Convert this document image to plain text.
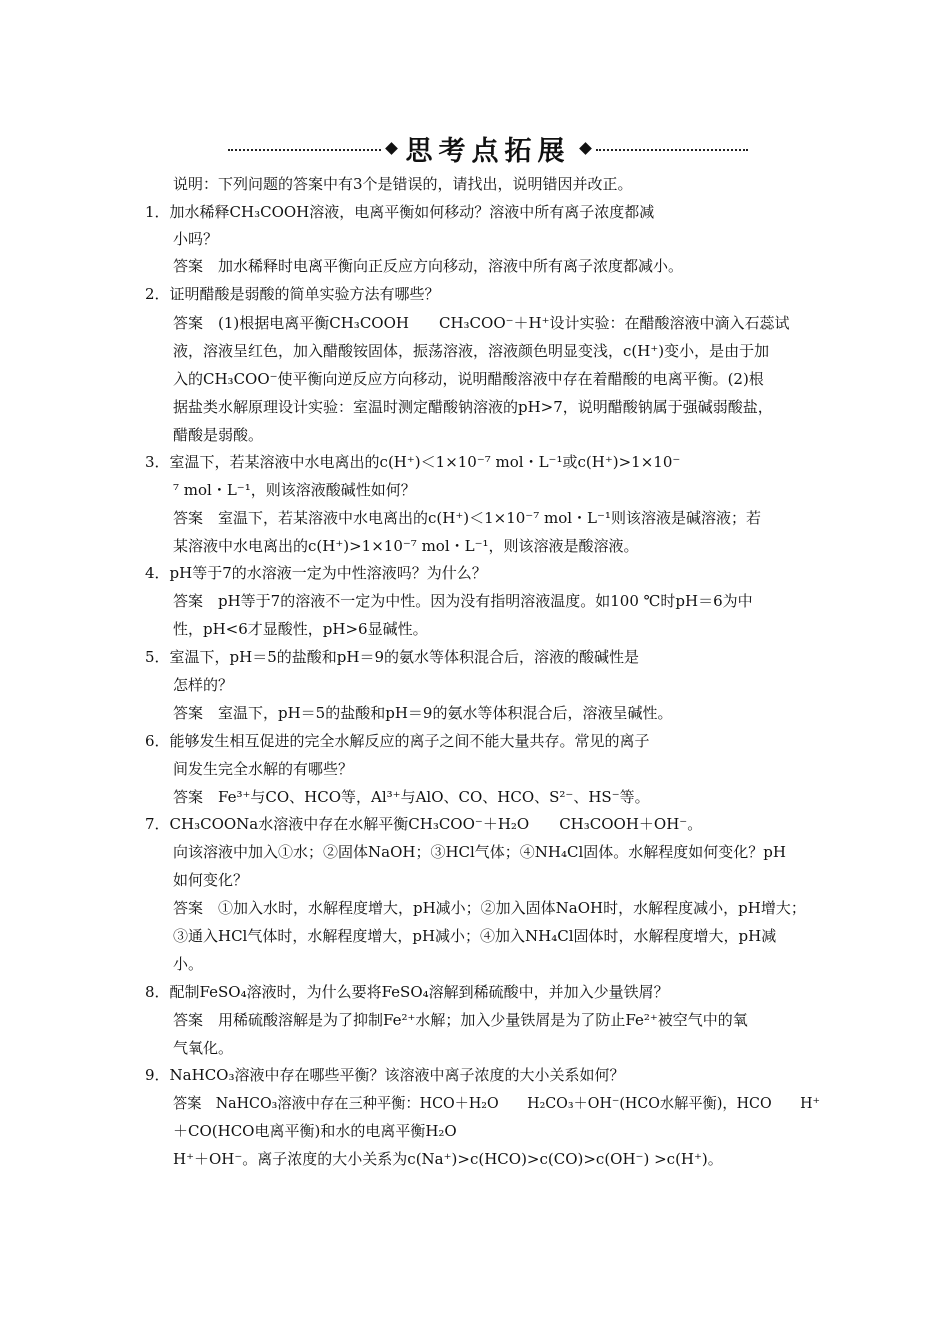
思考点拓展
说明：下列问题的答案中有3个是错误的，请找出，说明错因并改正。
1．加水稀释CH₃COOH溶液，电离平衡如何移动？溶液中所有离子浓度都减
小吗？
答案　加水稀释时电离平衡向正反应方向移动，溶液中所有离子浓度都减小。
2．证明醋酸是弱酸的简单实验方法有哪些？
答案　(1)根据电离平衡CH₃COOH　　CH₃COO⁻＋H⁺设计实验：在醋酸溶液中滴入石蕊试
液，溶液呈红色，加入醋酸铵固体，振荡溶液，溶液颜色明显变浅，c(H⁺)变小，是由于加
入的CH₃COO⁻使平衡向逆反应方向移动，说明醋酸溶液中存在着醋酸的电离平衡。(2)根
据盐类水解原理设计实验：室温时测定醋酸钠溶液的pH>7，说明醋酸钠属于强碱弱酸盐，
醋酸是弱酸。
3．室温下，若某溶液中水电离出的c(H⁺)＜1×10⁻⁷ mol・L⁻¹或c(H⁺)>1×10⁻
⁷ mol・L⁻¹，则该溶液酸碱性如何？
答案　室温下，若某溶液中水电离出的c(H⁺)＜1×10⁻⁷ mol・L⁻¹则该溶液是碱溶液；若
某溶液中水电离出的c(H⁺)>1×10⁻⁷ mol・L⁻¹，则该溶液是酸溶液。
4．pH等于7的水溶液一定为中性溶液吗？为什么？
答案　pH等于7的溶液不一定为中性。因为没有指明溶液温度。如100 ℃时pH＝6为中
性，pH<6才显酸性，pH>6显碱性。
5．室温下，pH＝5的盐酸和pH＝9的氨水等体积混合后，溶液的酸碱性是
怎样的？
答案　室温下，pH＝5的盐酸和pH＝9的氨水等体积混合后，溶液呈碱性。
6．能够发生相互促进的完全水解反应的离子之间不能大量共存。常见的离子
间发生完全水解的有哪些？
答案　Fe³⁺与CO、HCO等，Al³⁺与AlO、CO、HCO、S²⁻、HS⁻等。
7．CH₃COONa水溶液中存在水解平衡CH₃COO⁻＋H₂O　　CH₃COOH＋OH⁻。
向该溶液中加入①水；②固体NaOH；③HCl气体；④NH₄Cl固体。水解程度如何变化？pH
如何变化？
答案　①加入水时，水解程度增大，pH减小；②加入固体NaOH时，水解程度减小，pH增大；
③通入HCl气体时，水解程度增大，pH减小；④加入NH₄Cl固体时，水解程度增大，pH减
小。
8．配制FeSO₄溶液时，为什么要将FeSO₄溶解到稀硫酸中，并加入少量铁屑？
答案　用稀硫酸溶解是为了抑制Fe²⁺水解；加入少量铁屑是为了防止Fe²⁺被空气中的氧
气氧化。
9．NaHCO₃溶液中存在哪些平衡？该溶液中离子浓度的大小关系如何？
答案　NaHCO₃溶液中存在三种平衡：HCO＋H₂O　　H₂CO₃＋OH⁻(HCO水解平衡)，HCO　　H⁺
＋CO(HCO电离平衡)和水的电离平衡H₂O
H⁺＋OH⁻。离子浓度的大小关系为c(Na⁺)>c(HCO)>c(CO)>c(OH⁻) >c(H⁺)。
